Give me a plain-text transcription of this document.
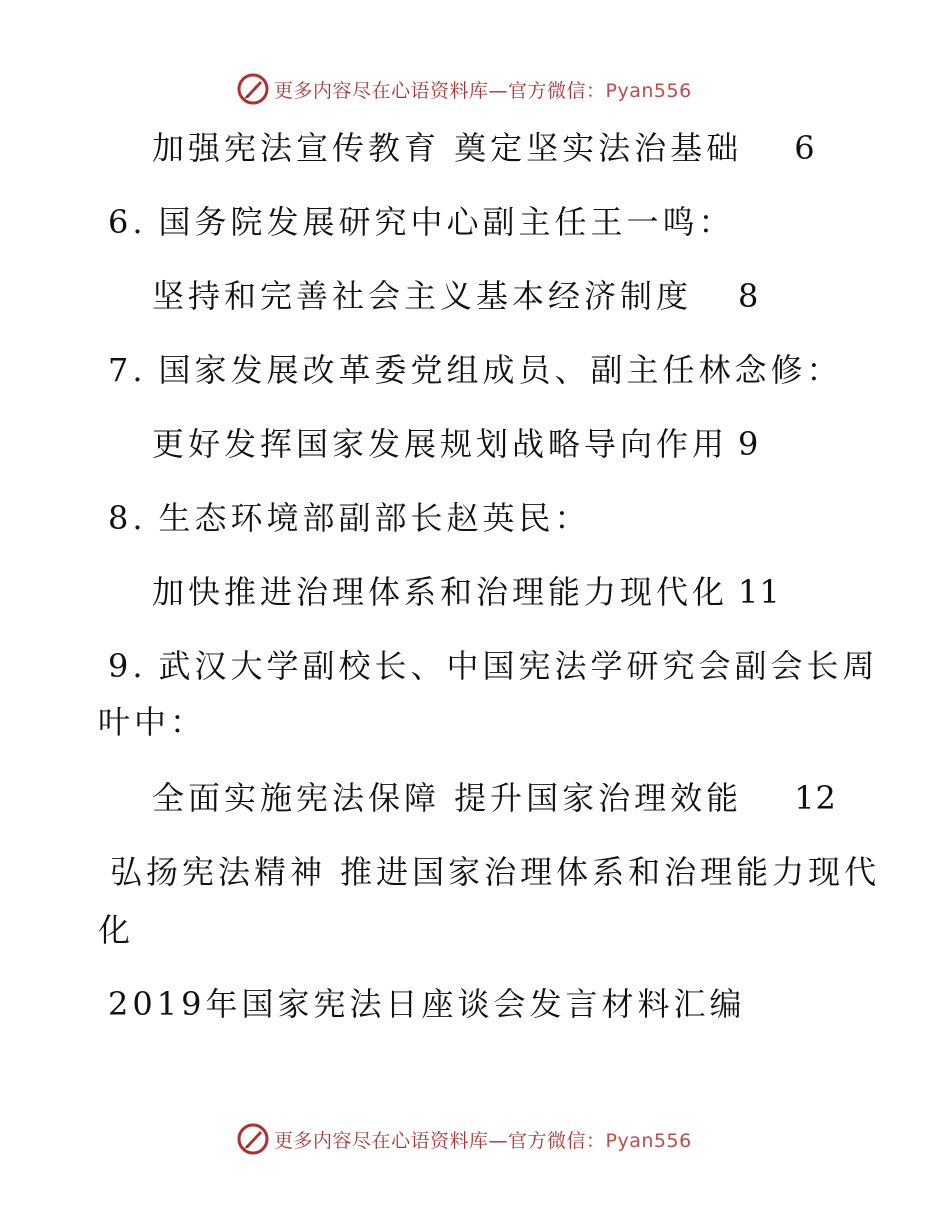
更多内容尽在心语资料库—官方微信：Pyan556
加强宪法宣传教育 奠定坚实法治基础 6
6. 国务院发展研究中心副主任王一鸣：
坚持和完善社会主义基本经济制度 8
7. 国家发展改革委党组成员、副主任林念修：
更好发挥国家发展规划战略导向作用 9
8. 生态环境部副部长赵英民：
加快推进治理体系和治理能力现代化 11
9. 武汉大学副校长、中国宪法学研究会副会长周
叶中：
全面实施宪法保障 提升国家治理效能 12
弘扬宪法精神 推进国家治理体系和治理能力现代
化
2019年国家宪法日座谈会发言材料汇编
更多内容尽在心语资料库—官方微信：Pyan556
